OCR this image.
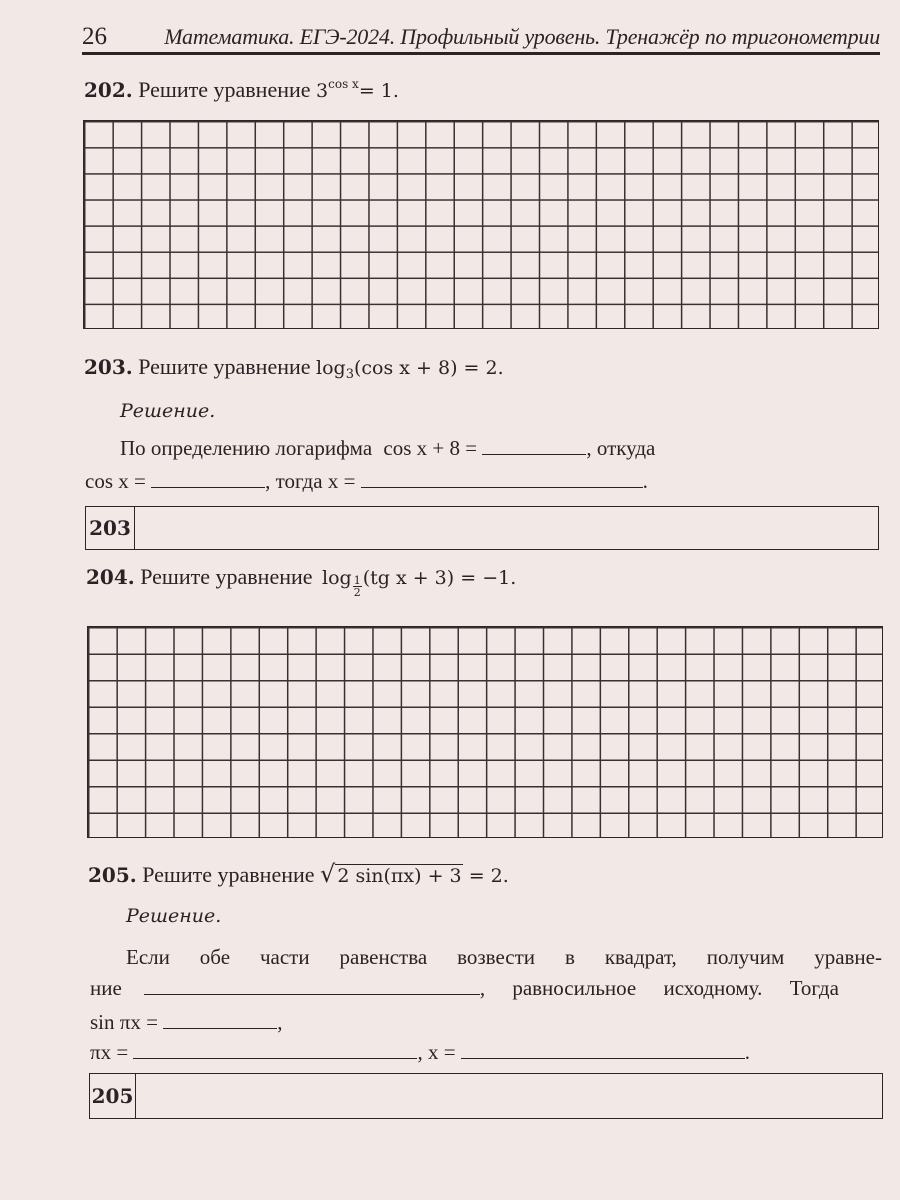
26	Математика. ЕГЭ-2024. Профильный уровень. Тренажёр по тригонометрии
202. Решите уравнение $3^{cos x}= 1$.
203. Решите уравнение $\log_3(\cos$ x + 8) = 2.
Решение.
По определению логарифма cos x + 8 =	, откуда
cos x =	, тогда x =	.
203
204. Решите уравнение $\log \frac{1}{2} (tg$ x + 3) = −1.
205. Решите уравнение √ 2 sin(πx) + 3 = 2.
Решение.
Если обе части равенства возвести в квадрат, получим уравне-
ние	, равносильное исходному. Тогда
sin πx =	,
πx =	, x =	.
205
